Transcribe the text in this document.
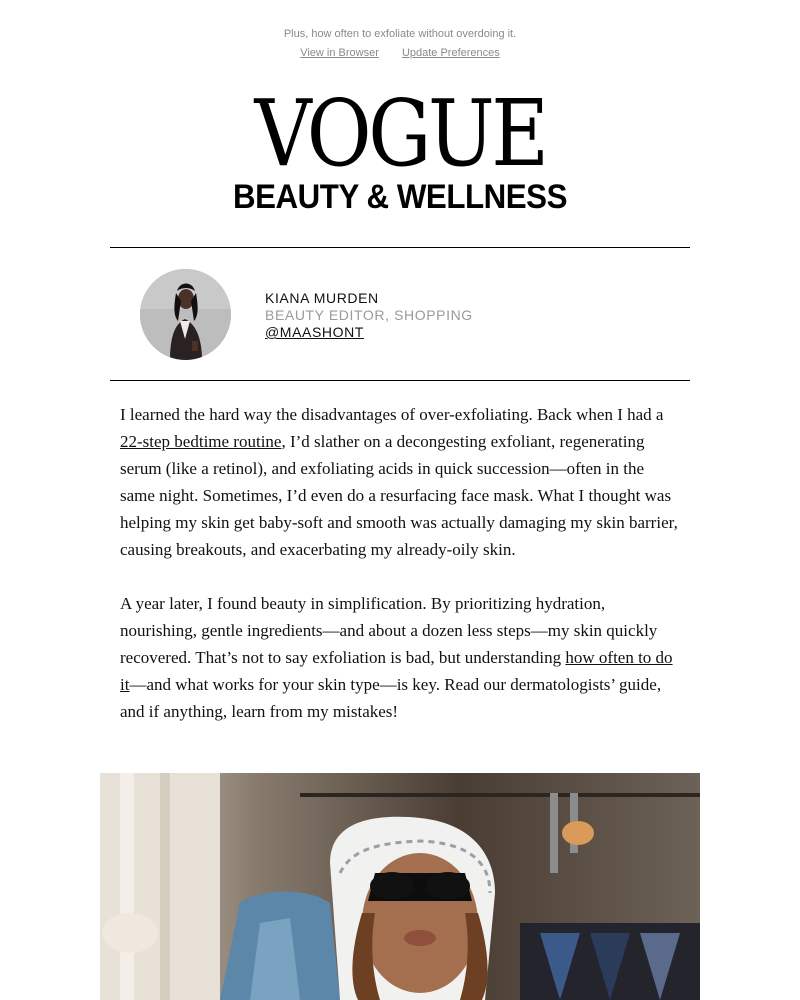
Plus, how often to exfoliate without overdoing it.
View in Browser Update Preferences
VOGUE
BEAUTY & WELLNESS
KIANA MURDEN
BEAUTY EDITOR, SHOPPING
@MAASHONT

I learned the hard way the disadvantages of over-exfoliating. Back when I had a 22-step bedtime routine, I’d slather on a decongesting exfoliant, regenerating serum (like a retinol), and exfoliating acids in quick succession—often in the same night. Sometimes, I’d even do a resurfacing face mask. What I thought was helping my skin get baby-soft and smooth was actually damaging my skin barrier, causing breakouts, and exacerbating my already-oily skin.

A year later, I found beauty in simplification. By prioritizing hydration, nourishing, gentle ingredients—and about a dozen less steps—my skin quickly recovered. That’s not to say exfoliation is bad, but understanding how often to do it—and what works for your skin type—is key. Read our dermatologists’ guide, and if anything, learn from my mistakes!
